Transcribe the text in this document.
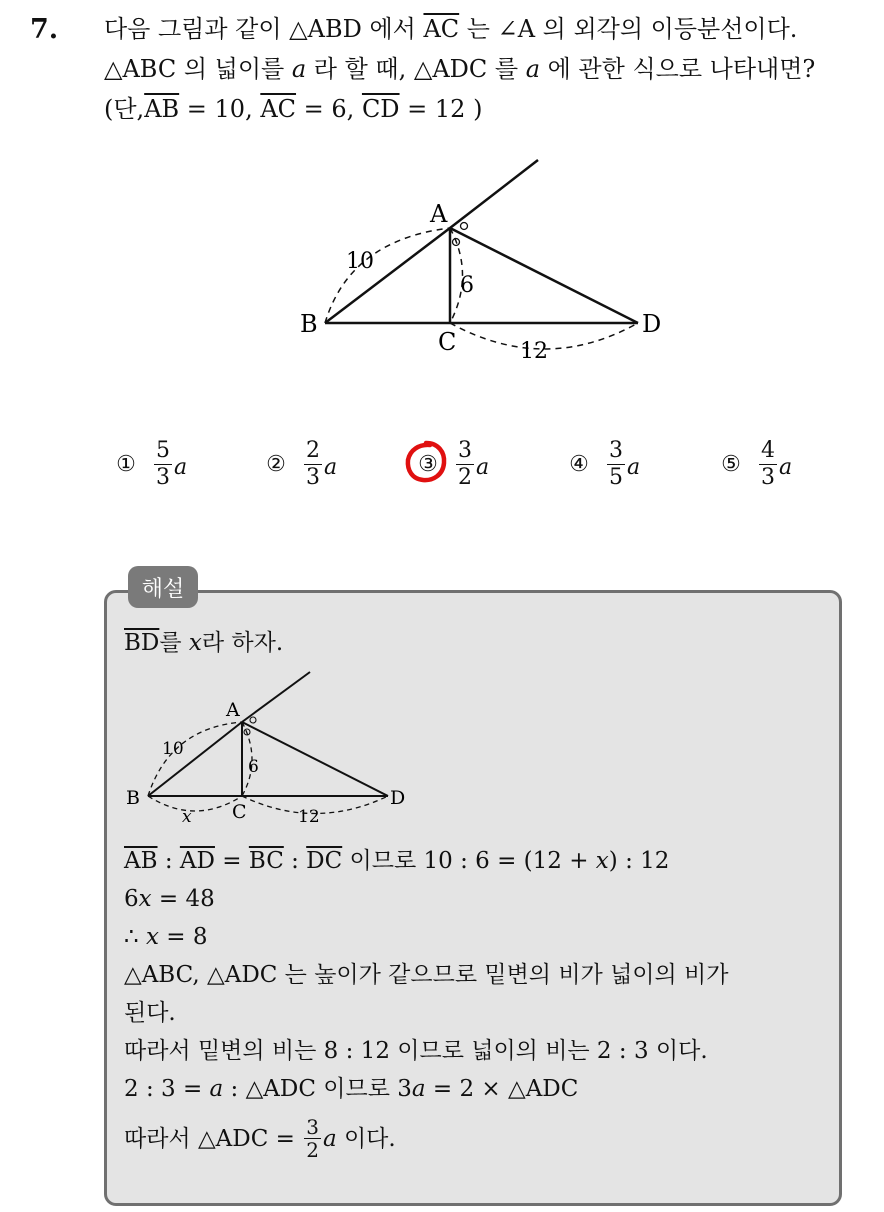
7. 다음 그림과 같이 △ABD 에서 $\overline{AC}$ 는 ∠A 의 외각의 이등분선이다.
△ABC 의 넓이를 a 라 할 때, △ADC 를 a 에 관한 식으로 나타내면?
(단$,\overline{AB} = 10$, $\overline{AC} = 6$, $\overline{CD} = 12$ )
A
B
C
D
10
6
12
① $\frac{5}{3}$ a	② $\frac{2}{3}$ a	③ $\frac{3}{2}$ a	④ $\frac{3}{5}$ a	⑤ $\frac{4}{3}$ a
해설
$\overline{BD}$를 x라 하자.
A
B
C
D
10
6
x	12
$\overline{AB}$ : $\overline{AD} = \overline{BC}$ : $\overline{DC}$ 이므로 10 : 6 = (12 + x) : 12
6x = 48
∴ x = 8
△ABC, △ADC 는 높이가 같으므로 밑변의 비가 넓이의 비가
된다.
따라서 밑변의 비는 8 : 12 이므로 넓이의 비는 2 : 3 이다.
2 : 3 = a : △ADC 이므로 3a = 2 × △ADC
따라서 △ADC =
$\frac{3}{2}$ a
이다.
